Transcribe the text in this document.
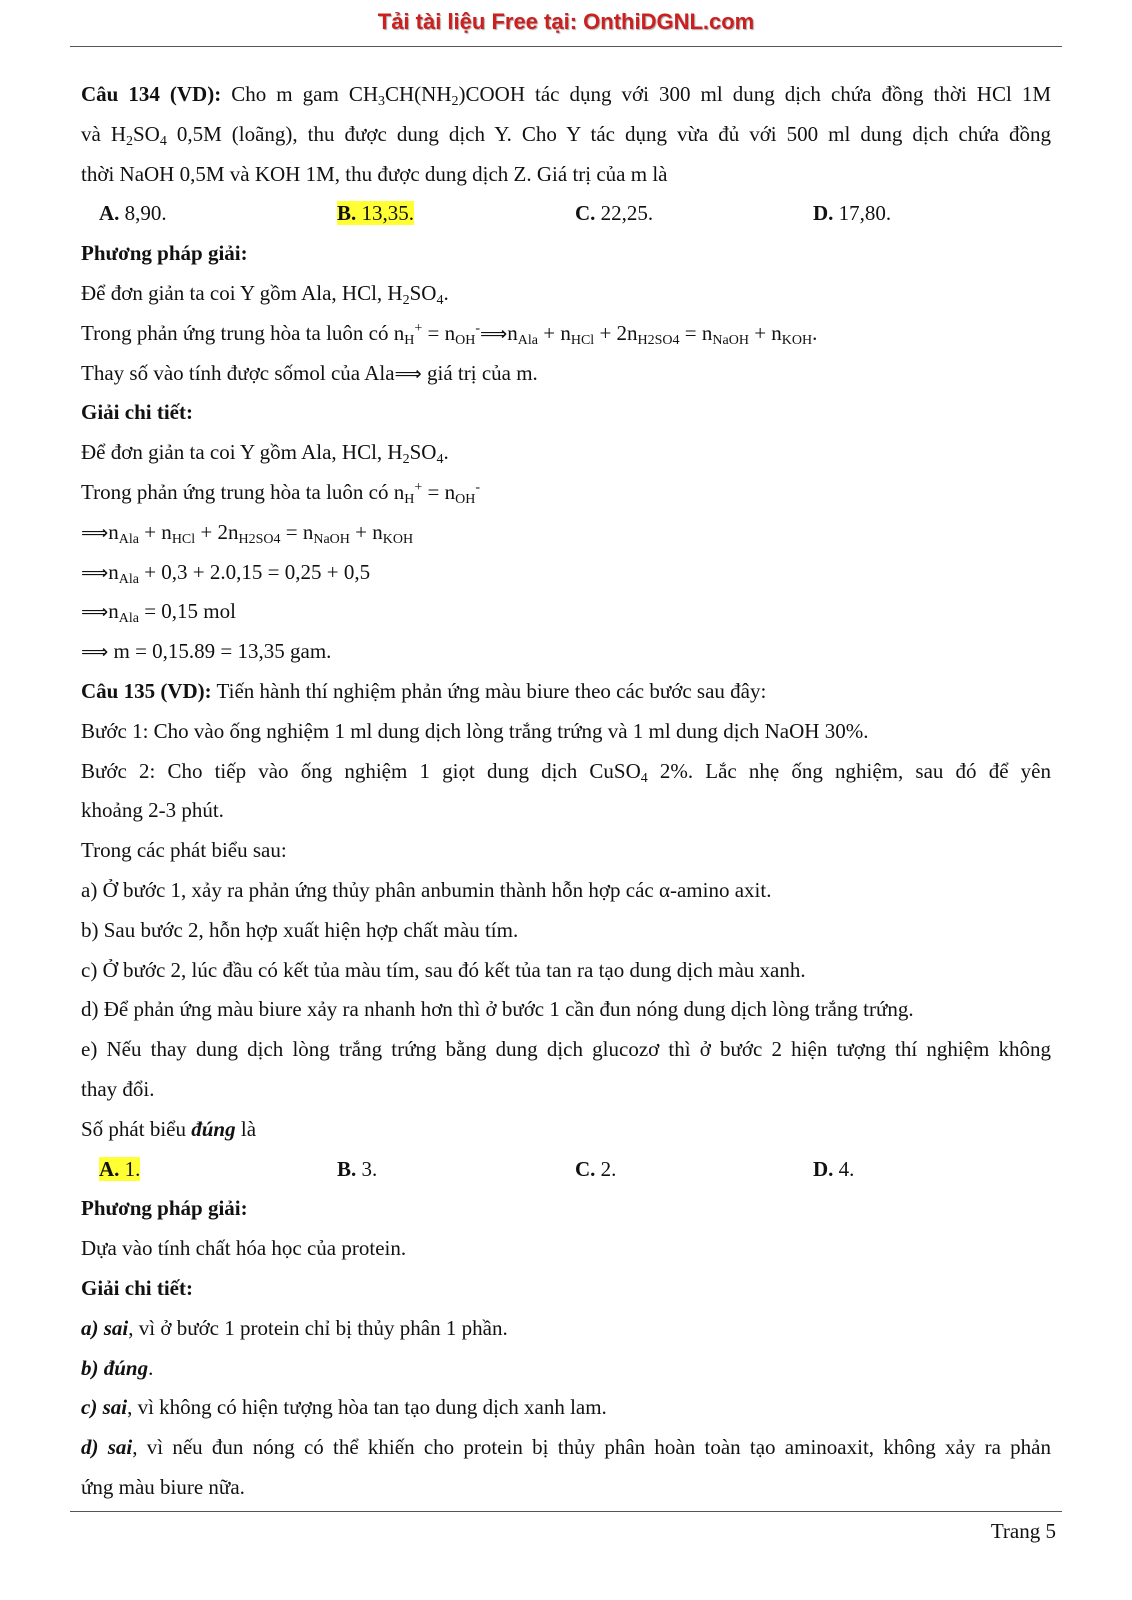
Tải tài liệu Free tại: OnthiDGNL.com
Câu 134 (VD): Cho m gam $CH_3CH(NH_2)COOH$ tác dụng với 300 ml dung dịch chứa đồng thời HCl 1M
và $H_2SO_4$ 0,5M (loãng), thu được dung dịch Y. Cho Y tác dụng vừa đủ với 500 ml dung dịch chứa đồng
thời NaOH 0,5M và KOH 1M, thu được dung dịch Z. Giá trị của m là
A. 8,90.	B. 13,35.	C. 22,25.	D. 17,80.
Phương pháp giải:
Để đơn giản ta coi Y gồm Ala, HCl, $H_2SO_4$.
Trong phản ứng trung hòa ta luôn có $n_H^+$ = $n_{OH}^-⟹n_{Ala} + n_{HCl} + 2n_{H2SO4} = n_{NaOH} + n_{KOH}$.
Thay số vào tính được sốmol của Ala⟹ giá trị của m.
Giải chi tiết:
Để đơn giản ta coi Y gồm Ala, HCl, $H_2SO_4$.
Trong phản ứng trung hòa ta luôn có $n_H^+ = n_{OH}^-$
$⟹n_{Ala} + n_{HCl} + 2n_{H2SO4} = n_{NaOH} + n_{KOH}$
$⟹n_{Ala} + 0,3 + 2.0,15 = 0,25 + 0,5$
$⟹n_{Ala} = 0,15$ mol
⟹ m = 0,15.89 = 13,35 gam.
Câu 135 (VD): Tiến hành thí nghiệm phản ứng màu biure theo các bước sau đây:
Bước 1: Cho vào ống nghiệm 1 ml dung dịch lòng trắng trứng và 1 ml dung dịch NaOH 30%.
Bước 2: Cho tiếp vào ống nghiệm 1 giọt dung dịch CuSO$_4$ 2%. Lắc nhẹ ống nghiệm, sau đó để yên
khoảng 2-3 phút.
Trong các phát biểu sau:
a) Ở bước 1, xảy ra phản ứng thủy phân anbumin thành hỗn hợp các α-amino axit.
b) Sau bước 2, hỗn hợp xuất hiện hợp chất màu tím.
c) Ở bước 2, lúc đầu có kết tủa màu tím, sau đó kết tủa tan ra tạo dung dịch màu xanh.
d) Để phản ứng màu biure xảy ra nhanh hơn thì ở bước 1 cần đun nóng dung dịch lòng trắng trứng.
e) Nếu thay dung dịch lòng trắng trứng bằng dung dịch glucozơ thì ở bước 2 hiện tượng thí nghiệm không
thay đổi.
Số phát biểu đúng là
A. 1.	B. 3.	C. 2.	D. 4.
Phương pháp giải:
Dựa vào tính chất hóa học của protein.
Giải chi tiết:
a) sai, vì ở bước 1 protein chỉ bị thủy phân 1 phần.
b) đúng.
c) sai, vì không có hiện tượng hòa tan tạo dung dịch xanh lam.
d) sai, vì nếu đun nóng có thể khiến cho protein bị thủy phân hoàn toàn tạo aminoaxit, không xảy ra phản
ứng màu biure nữa.
Trang 5
